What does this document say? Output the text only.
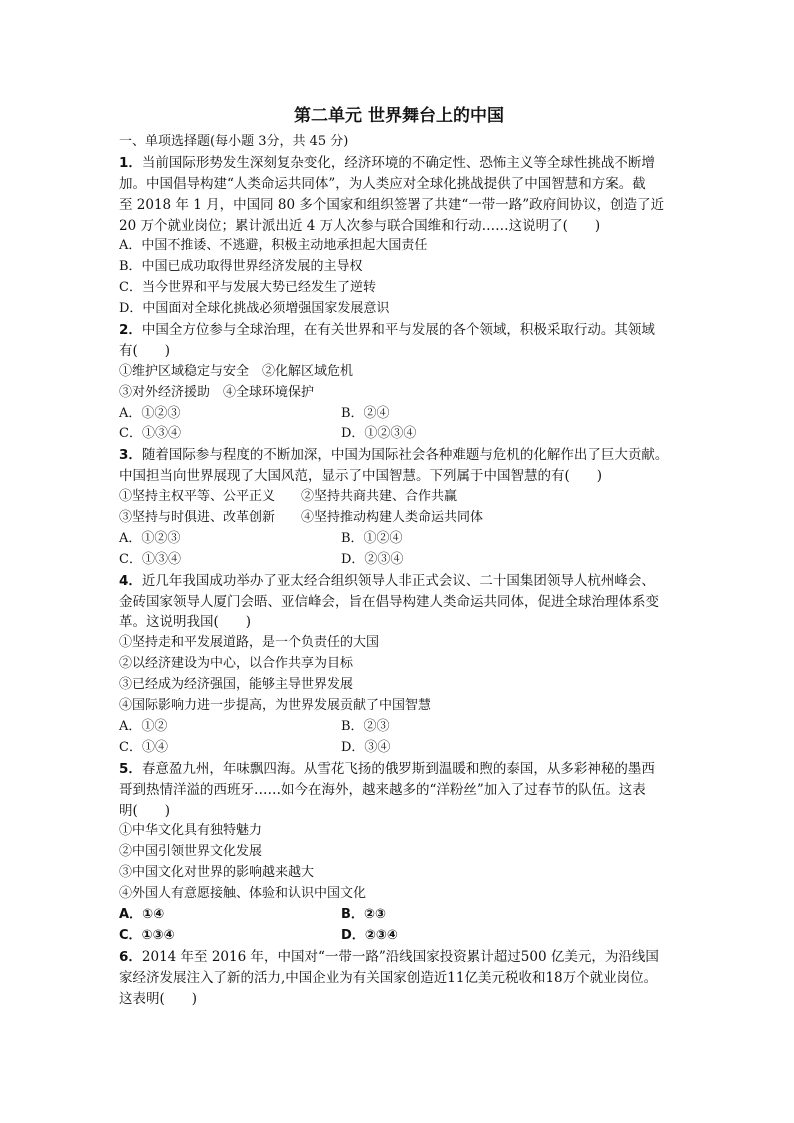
第二单元 世界舞台上的中国
一、单项选择题(每小题 3分，共 45 分)
1．当前国际形势发生深刻复杂变化，经济环境的不确定性、恐怖主义等全球性挑战不断增
加。中国倡导构建“人类命运共同体”，为人类应对全球化挑战提供了中国智慧和方案。截
至 2018 年 1 月，中国同 80 多个国家和组织签署了共建“一带一路”政府间协议，创造了近
20 万个就业岗位；累计派出近 4 万人次参与联合国维和行动……这说明了(　　)
A．中国不推诿、不逃避，积极主动地承担起大国责任
B．中国已成功取得世界经济发展的主导权
C．当今世界和平与发展大势已经发生了逆转
D．中国面对全球化挑战必须增强国家发展意识
2．中国全方位参与全球治理，在有关世界和平与发展的各个领域，积极采取行动。其领域
有(　　)
①维护区域稳定与安全　②化解区域危机
③对外经济援助　④全球环境保护
A．①②③	B．②④
C．①③④	D．①②③④
3．随着国际参与程度的不断加深，中国为国际社会各种难题与危机的化解作出了巨大贡献。
中国担当向世界展现了大国风范，显示了中国智慧。下列属于中国智慧的有(　　)
①坚持主权平等、公平正义　　②坚持共商共建、合作共赢
③坚持与时俱进、改革创新　　④坚持推动构建人类命运共同体
A．①②③	B．①②④
C．①③④	D．②③④
4．近几年我国成功举办了亚太经合组织领导人非正式会议、二十国集团领导人杭州峰会、
金砖国家领导人厦门会晤、亚信峰会，旨在倡导构建人类命运共同体，促进全球治理体系变
革。这说明我国(　　)
①坚持走和平发展道路，是一个负责任的大国
②以经济建设为中心，以合作共享为目标
③已经成为经济强国，能够主导世界发展
④国际影响力进一步提高，为世界发展贡献了中国智慧
A．①②	B．②③
C．①④	D．③④
5．春意盈九州，年味飘四海。从雪花飞扬的俄罗斯到温暖和煦的泰国，从多彩神秘的墨西
哥到热情洋溢的西班牙……如今在海外，越来越多的“洋粉丝”加入了过春节的队伍。这表
明(　　)
①中华文化具有独特魅力
②中国引领世界文化发展
③中国文化对世界的影响越来越大
④外国人有意愿接触、体验和认识中国文化
A．①④	B．②③
C．①③④	D．②③④
6．2014 年至 2016 年，中国对“一带一路”沿线国家投资累计超过500 亿美元，为沿线国
家经济发展注入了新的活力,中国企业为有关国家创造近11亿美元税收和18万个就业岗位。
这表明(　　)
